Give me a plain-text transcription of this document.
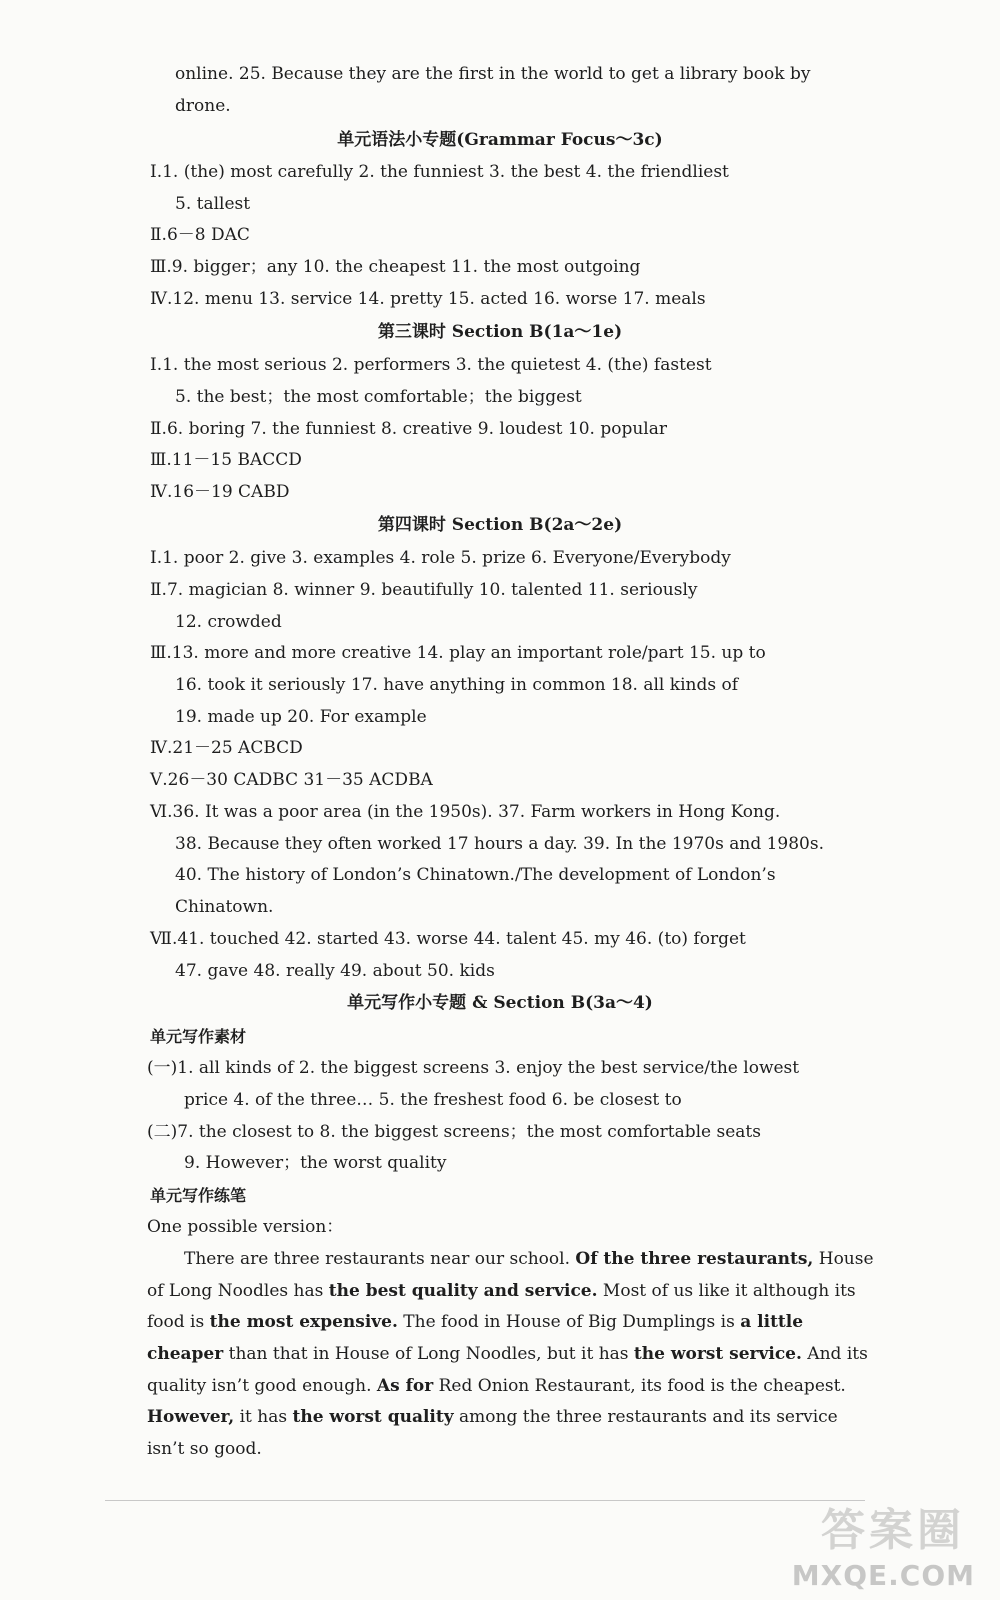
online. 25. Because they are the first in the world to get a library book by
drone.
单元语法小专题(Grammar Focus～3c)
Ⅰ.1. (the) most carefully 2. the funniest 3. the best 4. the friendliest
5. tallest
Ⅱ.6－8 DAC
Ⅲ.9. bigger；any 10. the cheapest 11. the most outgoing
Ⅳ.12. menu 13. service 14. pretty 15. acted 16. worse 17. meals
第三课时 Section B(1a～1e)
Ⅰ.1. the most serious 2. performers 3. the quietest 4. (the) fastest
5. the best；the most comfortable；the biggest
Ⅱ.6. boring 7. the funniest 8. creative 9. loudest 10. popular
Ⅲ.11－15 BACCD
Ⅳ.16－19 CABD
第四课时 Section B(2a～2e)
Ⅰ.1. poor 2. give 3. examples 4. role 5. prize 6. Everyone/Everybody
Ⅱ.7. magician 8. winner 9. beautifully 10. talented 11. seriously
12. crowded
Ⅲ.13. more and more creative 14. play an important role/part 15. up to
16. took it seriously 17. have anything in common 18. all kinds of
19. made up 20. For example
Ⅳ.21－25 ACBCD
Ⅴ.26－30 CADBC 31－35 ACDBA
Ⅵ.36. It was a poor area (in the 1950s). 37. Farm workers in Hong Kong.
38. Because they often worked 17 hours a day. 39. In the 1970s and 1980s.
40. The history of London’s Chinatown./The development of London’s
Chinatown.
Ⅶ.41. touched 42. started 43. worse 44. talent 45. my 46. (to) forget
47. gave 48. really 49. about 50. kids
单元写作小专题 & Section B(3a～4)
单元写作素材
(一)1. all kinds of 2. the biggest screens 3. enjoy the best service/the lowest
price 4. of the three… 5. the freshest food 6. be closest to
(二)7. the closest to 8. the biggest screens；the most comfortable seats
9. However；the worst quality
单元写作练笔
One possible version：
There are three restaurants near our school. Of the three restaurants, House
of Long Noodles has the best quality and service. Most of us like it although its
food is the most expensive. The food in House of Big Dumplings is a little
cheaper than that in House of Long Noodles, but it has the worst service. And its
quality isn’t good enough. As for Red Onion Restaurant, its food is the cheapest.
However, it has the worst quality among the three restaurants and its service
isn’t so good.
答案圈
MXQE.COM
